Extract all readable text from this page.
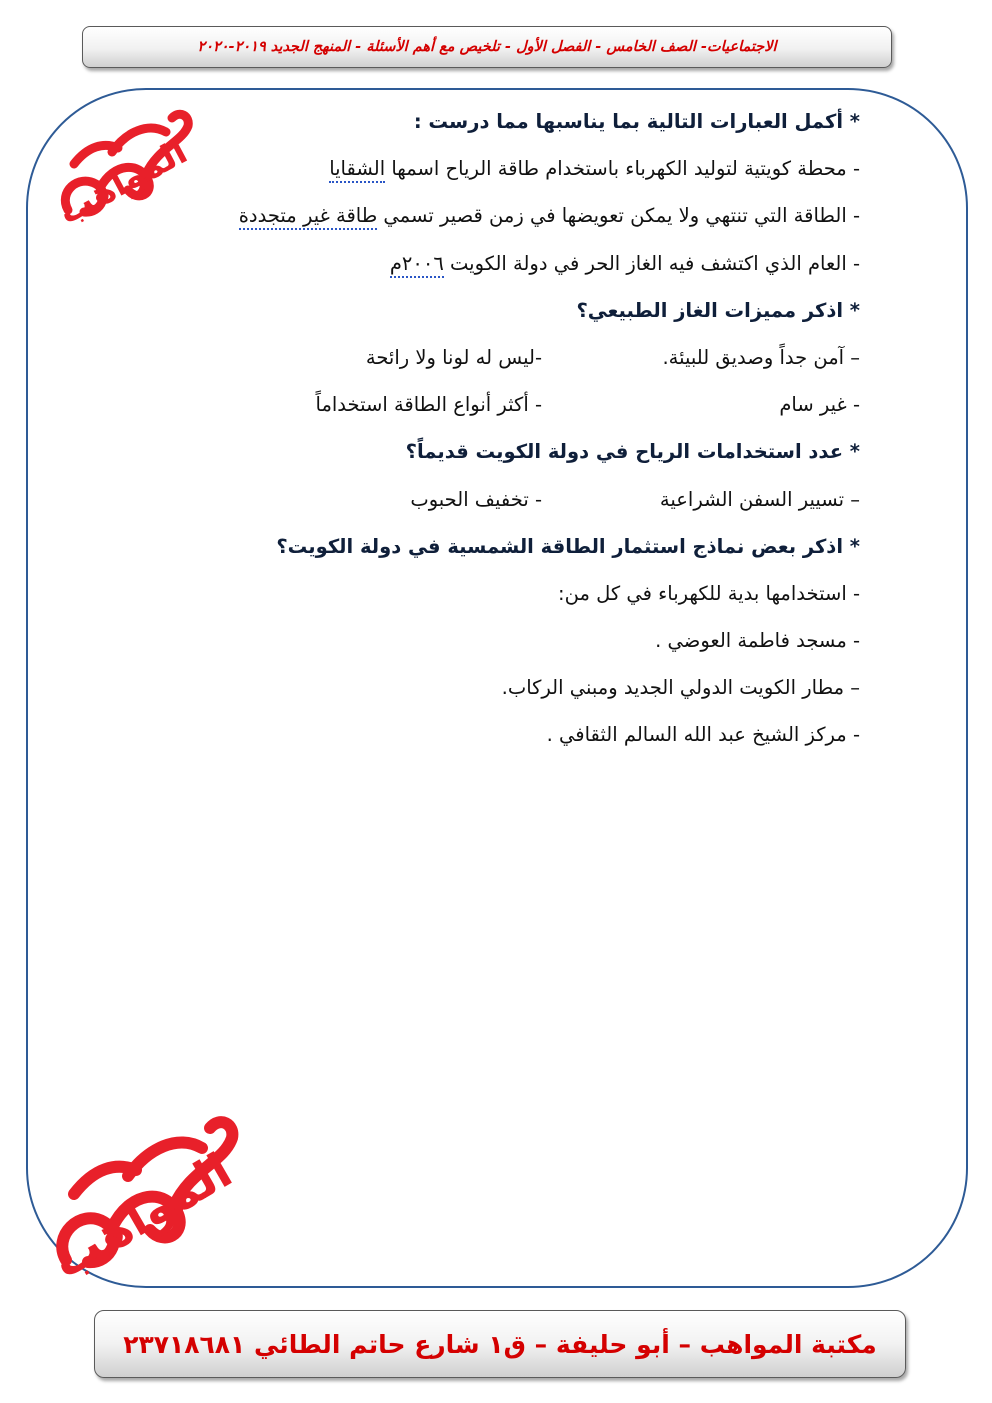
الاجتماعيات- الصف الخامس - الفصل الأول - تلخيص مع أهم الأسئلة - المنهج الجديد ٢٠١٩-٢٠٢٠
المواهب
* أكمل العبارات التالية بما يناسبها مما درست :
- محطة كويتية لتوليد الكهرباء باستخدام طاقة الرياح اسمها الشقايا
- الطاقة التي تنتهي ولا يمكن تعويضها في زمن قصير تسمي طاقة غير متجددة
- العام الذي اكتشف فيه الغاز الحر في دولة الكويت ٢٠٠٦م
* اذكر مميزات الغاز الطبيعي؟
– آمن جداً وصديق للبيئة.
-ليس له لونا ولا رائحة
- غير سام
- أكثر أنواع الطاقة استخداماً
* عدد استخدامات الرياح في دولة الكويت قديماً؟
– تسيير السفن الشراعية
- تخفيف الحبوب
* اذكر بعض نماذج استثمار الطاقة الشمسية في دولة الكويت؟
- استخدامها بدية للكهرباء في كل من:
- مسجد فاطمة العوضي .
– مطار الكويت الدولي الجديد ومبني الركاب.
- مركز الشيخ عبد الله السالم الثقافي .
المواهب
مكتبة المواهب – أبو حليفة – ق١ شارع حاتم الطائي ٢٣٧١٨٦٨١
